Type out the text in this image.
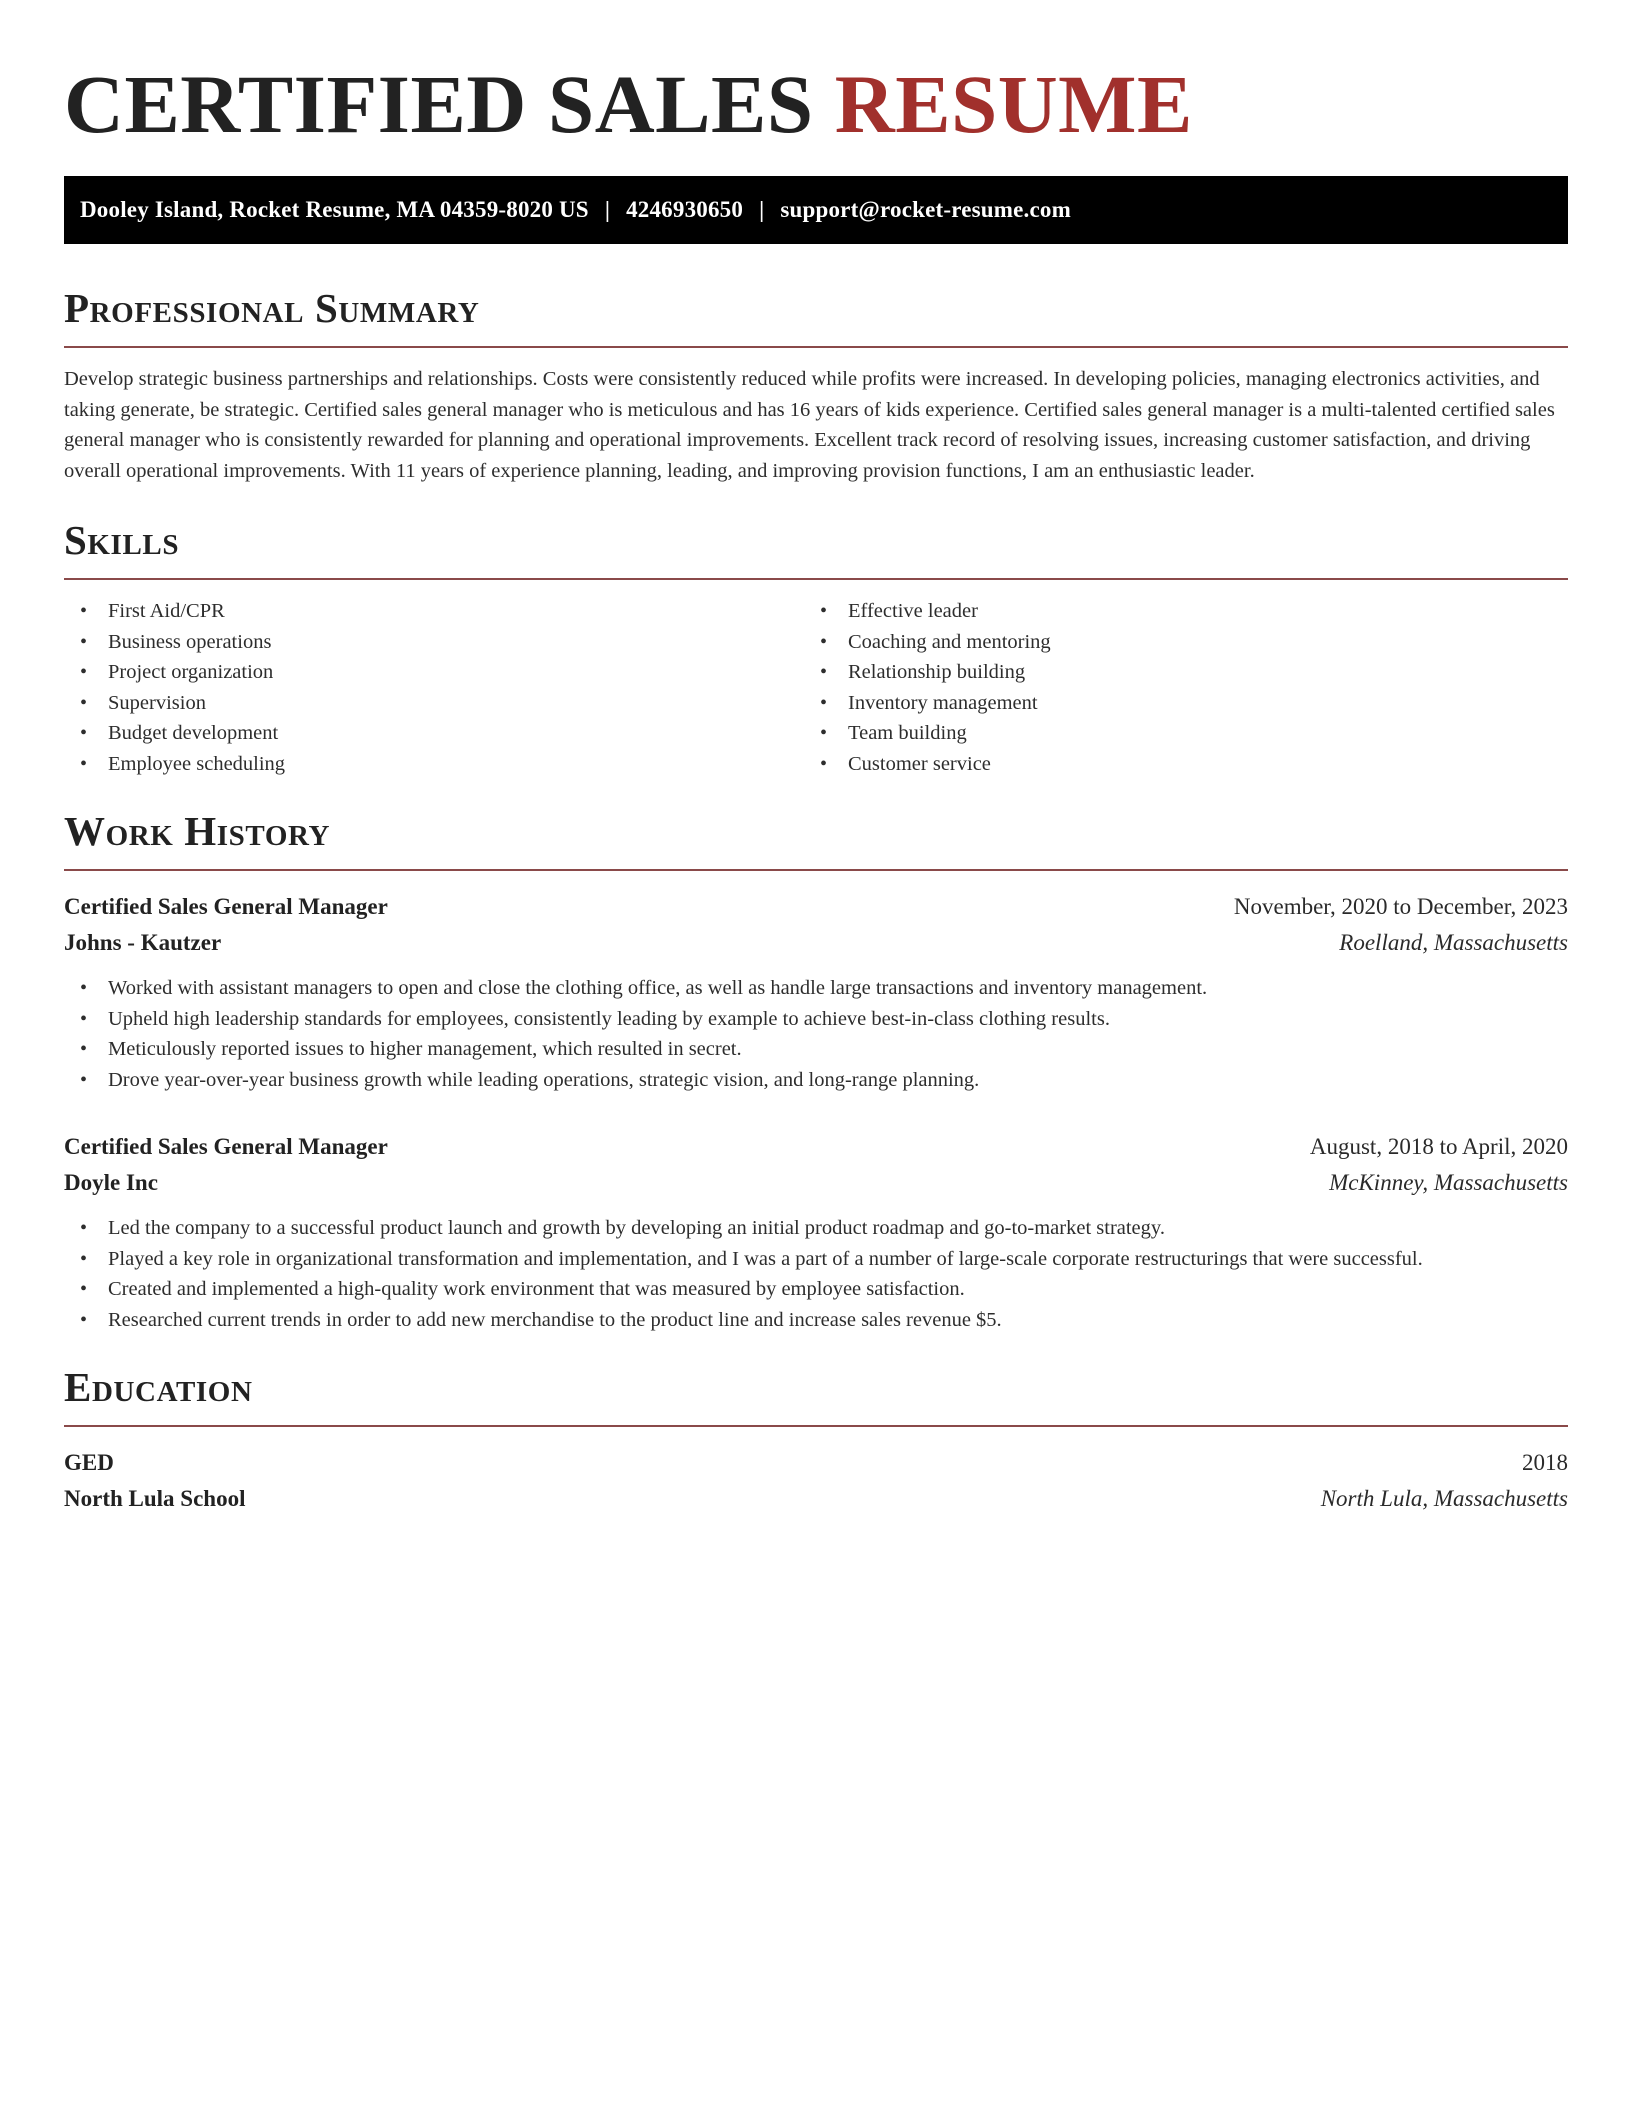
CERTIFIED SALES RESUME
Dooley Island, Rocket Resume, MA 04359-8020 US | 4246930650 | support@rocket-resume.com
Professional Summary

Develop strategic business partnerships and relationships. Costs were consistently reduced while profits were increased. In developing policies, managing electronics activities, and taking generate, be strategic. Certified sales general manager who is meticulous and has 16 years of kids experience. Certified sales general manager is a multi-talented certified sales general manager who is consistently rewarded for planning and operational improvements. Excellent track record of resolving issues, increasing customer satisfaction, and driving overall operational improvements. With 11 years of experience planning, leading, and improving provision functions, I am an enthusiastic leader.

Skills
• First Aid/CPR
• Business operations
• Project organization
• Supervision
• Budget development
• Employee scheduling
• Effective leader
• Coaching and mentoring
• Relationship building
• Inventory management
• Team building
• Customer service
Work History
Certified Sales General Manager	November, 2020 to December, 2023
Johns - Kautzer	Roelland, Massachusetts
• Worked with assistant managers to open and close the clothing office, as well as handle large transactions and inventory management.
• Upheld high leadership standards for employees, consistently leading by example to achieve best-in-class clothing results.
• Meticulously reported issues to higher management, which resulted in secret.
• Drove year-over-year business growth while leading operations, strategic vision, and long-range planning.
Certified Sales General Manager	August, 2018 to April, 2020
Doyle Inc	McKinney, Massachusetts
• Led the company to a successful product launch and growth by developing an initial product roadmap and go-to-market strategy.
• Played a key role in organizational transformation and implementation, and I was a part of a number of large-scale corporate restructurings that were successful.
• Created and implemented a high-quality work environment that was measured by employee satisfaction.
• Researched current trends in order to add new merchandise to the product line and increase sales revenue $5.
Education
GED	2018
North Lula School	North Lula, Massachusetts
